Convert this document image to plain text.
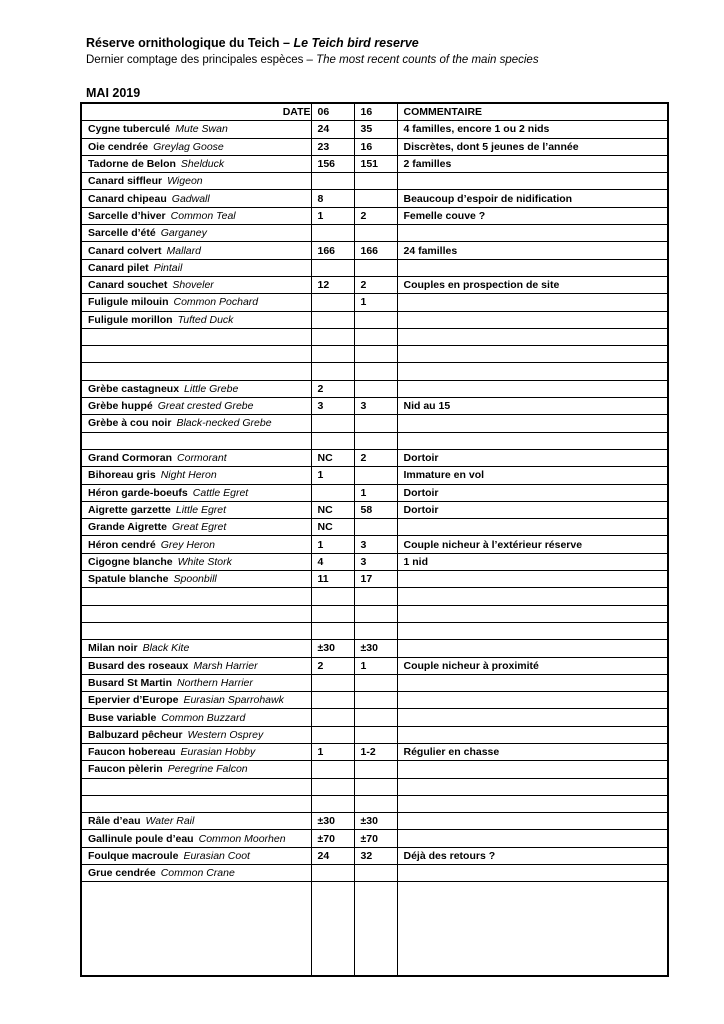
Réserve ornithologique du Teich – Le Teich bird reserve
Dernier comptage des principales espèces – The most recent counts of the main species
MAI 2019
DATE	06	16	COMMENTAIRE
Cygne tuberculé Mute Swan	24	35	4 familles, encore 1 ou 2 nids
Oie cendrée Greylag Goose	23	16	Discrètes, dont 5 jeunes de l’année
Tadorne de Belon Shelduck	156	151	2 familles
Canard siffleur Wigeon			
Canard chipeau Gadwall	8		Beaucoup d’espoir de nidification
Sarcelle d’hiver Common Teal	1	2	Femelle couve ?
Sarcelle d’été Garganey			
Canard colvert Mallard	166	166	24 familles
Canard pilet Pintail			
Canard souchet Shoveler	12	2	Couples en prospection de site
Fuligule milouin Common Pochard		1	
Fuligule morillon Tufted Duck			

Grèbe castagneux Little Grebe	2		
Grèbe huppé Great crested Grebe	3	3	Nid au 15
Grèbe à cou noir Black-necked Grebe			

Grand Cormoran Cormorant	NC	2	Dortoir
Bihoreau gris Night Heron	1		Immature en vol
Héron garde-boeufs Cattle Egret		1	Dortoir
Aigrette garzette Little Egret	NC	58	Dortoir
Grande Aigrette Great Egret	NC		
Héron cendré Grey Heron	1	3	Couple nicheur à l’extérieur réserve
Cigogne blanche White Stork	4	3	1 nid
Spatule blanche Spoonbill	11	17	

Milan noir Black Kite	±30	±30	
Busard des roseaux Marsh Harrier	2	1	Couple nicheur à proximité
Busard St Martin Northern Harrier			
Epervier d’Europe Eurasian Sparrohawk			
Buse variable Common Buzzard			
Balbuzard pêcheur Western Osprey			
Faucon hobereau Eurasian Hobby	1	1-2	Régulier en chasse
Faucon pèlerin Peregrine Falcon			

Râle d’eau Water Rail	±30	±30	
Gallinule poule d’eau Common Moorhen	±70	±70	
Foulque macroule Eurasian Coot	24	32	Déjà des retours ?
Grue cendrée Common Crane			
